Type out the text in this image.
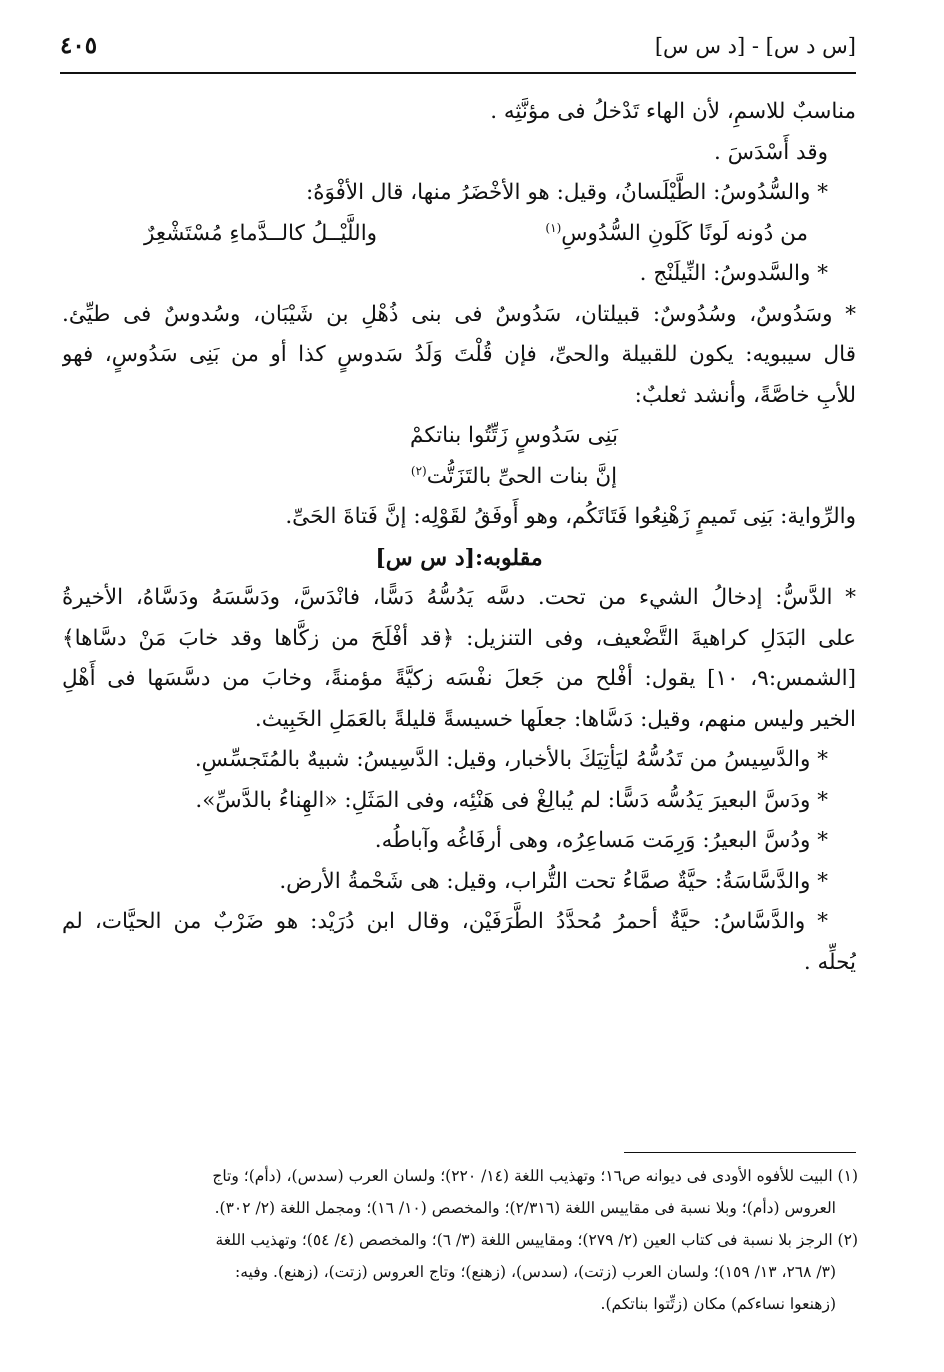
[س د س] - [د س س]
٤٠٥
مناسبٌ للاسمِ، لأن الهاء تَدْخلُ فى مؤنَّثِه .
وقد أَسْدَسَ .
* والسُّدُوسُ: الطَّيْلَسانُ، وقيل: هو الأخْضَرُ منها، قال الأفْوَهُ:
من دُونه لَونًا كَلَونِ السُّدُوسِ$^{(١)}$
واللَّيْــلُ كالــدَّماءِ مُسْتَشْعِرٌ
* والسَّدوسُ: النِّيلَنْج .
* وسَدُوسٌ، وسُدُوسٌ: قبيلتان، سَدُوسٌ فى بنى ذُهْلِ بن شَيْبَان، وسُدوسٌ فى طيِّئ.
قال سيبويه: يكون للقبيلة والحىِّ، فإن قُلْتَ وَلَدُ سَدوسٍ كذا أو من بَنِى سَدُوسٍ، فهو
للأبِ خاصَّةً، وأنشد ثعلبٌ:
بَنِى سَدُوسٍ زَتِّتُوا بناتكمْ
إنَّ بنات الحىِّ بالتَزَتُّت$^{(٢)}$
والرِّواية: بَنِى تَميمٍ زَهْنِعُوا فَتَاتَكُم، وهو أَوفَقُ لقَوْلِه: إنَّ فَتاةَ الحَىِّ.
مقلوبه:[د س س]
* الدَّسُّ: إدخالُ الشيء من تحت. دسَّه يَدُسُّهُ دَسًّا، فانْدَسَّ، ودَسَّسَهُ ودَسَّاهُ، الأخيرةُ
على البَدَلِ كراهيةَ التَّضْعيف، وفى التنزيل: ﴿قد أفْلَحَ من زكَّاها وقد خابَ مَنْ دسَّاها﴾
[الشمس:٩، ١٠] يقول: أفْلح من جَعلَ نفْسَه زكيَّةً مؤمنةً، وخابَ من دسَّسَها فى أَهْلِ
الخير وليس منهم، وقيل: دَسَّاها: جعلَها خسيسةً قليلةً بالعَمَلِ الخَبِيث.
* والدَّسِيسُ من تَدُسُّهُ ليَأتِيَكَ بالأخبار، وقيل: الدَّسِيسُ: شبيهٌ بالمُتَجسِّسِ.
* ودَسَّ البعيرَ يَدُسُّه دَسًّا: لم يُبالِغْ فى هَنْئِه، وفى المَثَلِ: «الهِناءُ بالدَّسِّ».
* ودُسَّ البعيرُ: وَرِمَت مَساعِرُه، وهى أرفَاغُه وآباطُه.
* والدَّسَّاسَةُ: حيَّةٌ صمَّاءُ تحت التُّراب، وقيل: هى شَحْمةُ الأرض.
* والدَّسَّاسُ: حيَّةٌ أحمرُ مُحدَّدُ الطَّرَفَيْن، وقال ابن دُرَيْد: هو ضَرْبٌ من الحيَّات، لم
يُحلِّه .
(١) البيت للأفوه الأودى فى ديوانه ص١٦؛ وتهذيب اللغة (١٤/ ٢٢٠)؛ ولسان العرب (سدس)، (دأم)؛ وتاج
العروس (دأم)؛ وبلا نسبة فى مقاييس اللغة (٢/٣١٦)؛ والمخصص (١٠/ ١٦)؛ ومجمل اللغة (٢/ ٣٠٢).
(٢) الرجز بلا نسبة فى كتاب العين (٢/ ٢٧٩)؛ ومقاييس اللغة (٣/ ٦)؛ والمخصص (٤/ ٥٤)؛ وتهذيب اللغة
(٣/ ٢٦٨، ١٣/ ١٥٩)؛ ولسان العرب (زتت)، (سدس)، (زهنع)؛ وتاج العروس (زتت)، (زهنع). وفيه:
(زهنعوا نساءكم) مكان (زتِّتوا بناتكم).
